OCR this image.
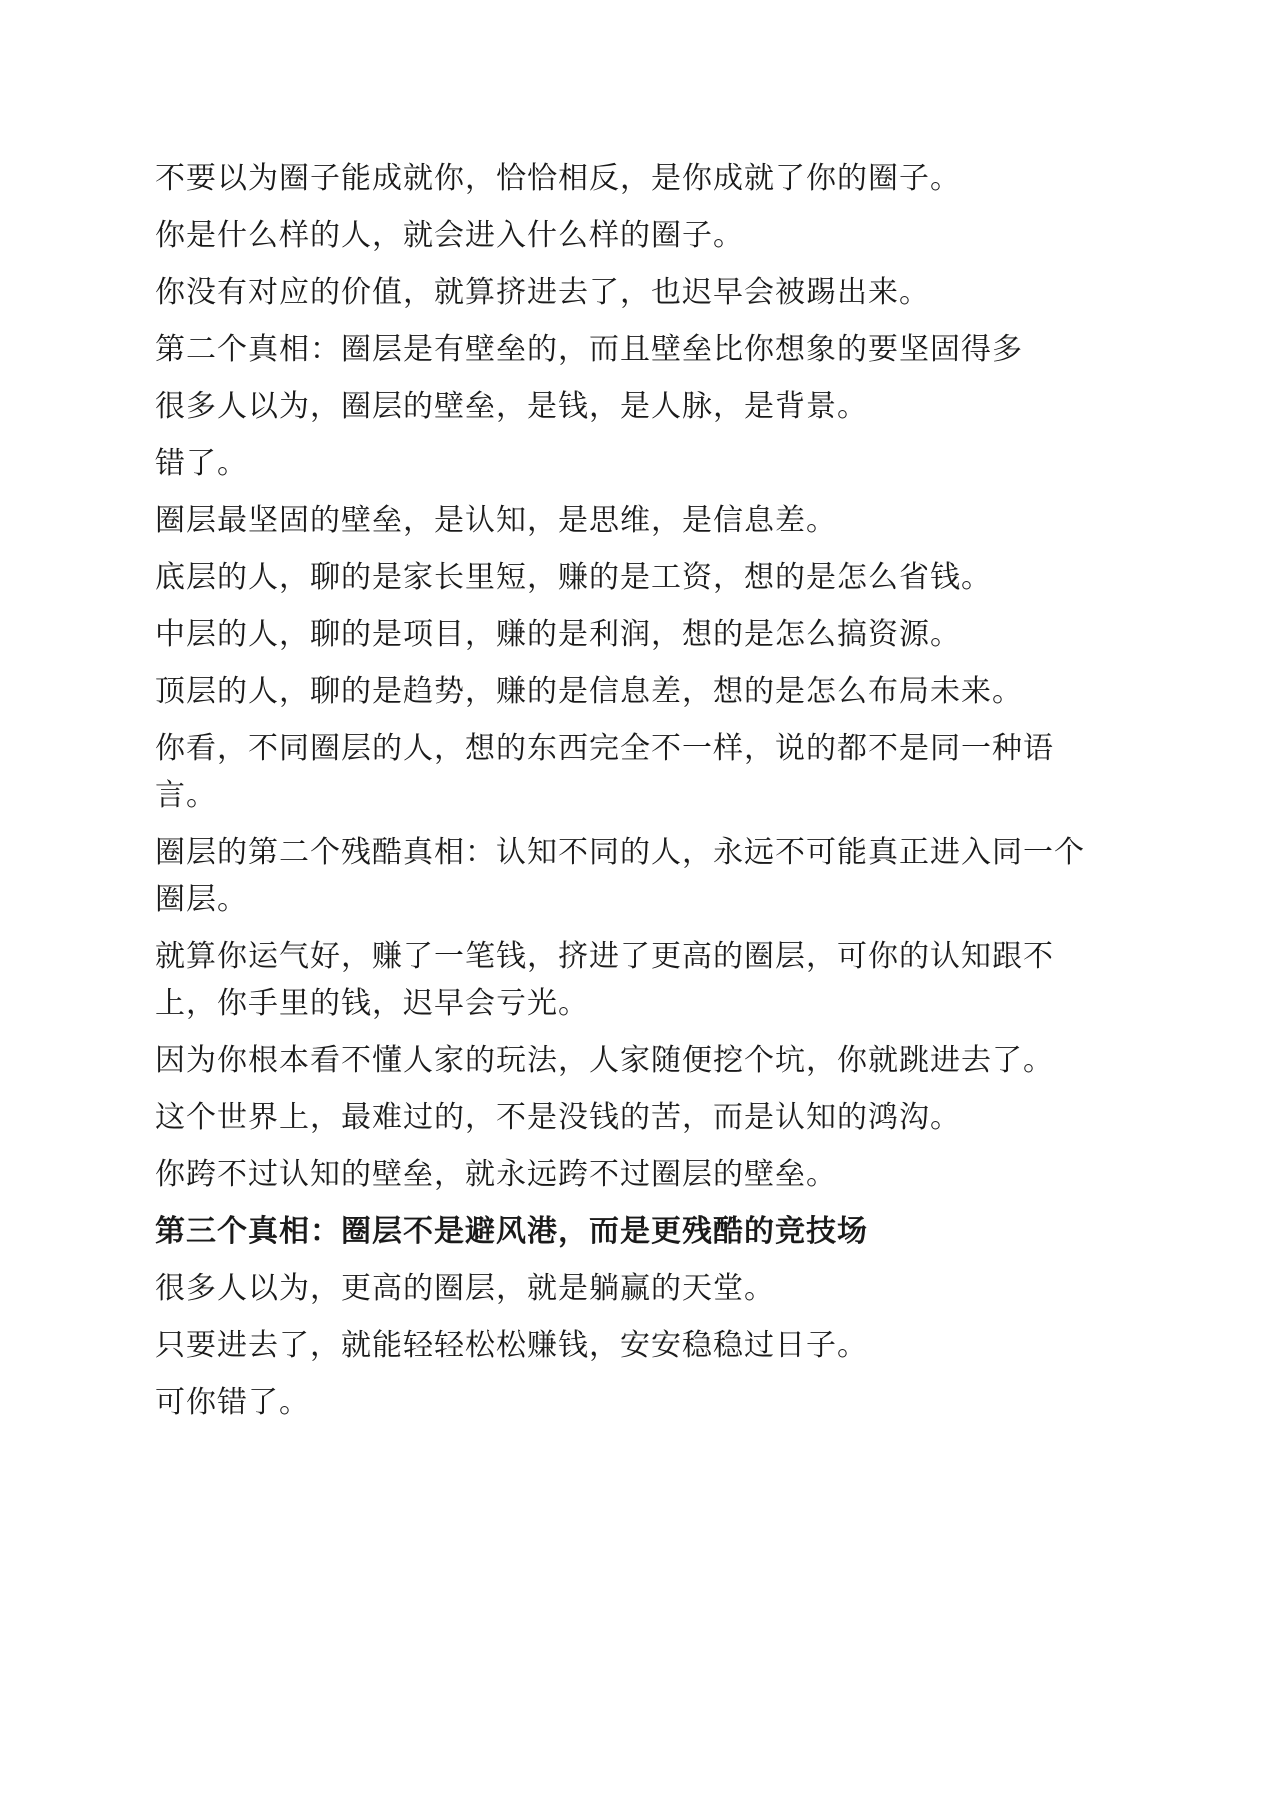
不要以为圈子能成就你，恰恰相反，是你成就了你的圈子。

你是什么样的人，就会进入什么样的圈子。

你没有对应的价值，就算挤进去了，也迟早会被踢出来。

第二个真相：圈层是有壁垒的，而且壁垒比你想象的要坚固得多

很多人以为，圈层的壁垒，是钱，是人脉，是背景。

错了。

圈层最坚固的壁垒，是认知，是思维，是信息差。

底层的人，聊的是家长里短，赚的是工资，想的是怎么省钱。

中层的人，聊的是项目，赚的是利润，想的是怎么搞资源。

顶层的人，聊的是趋势，赚的是信息差，想的是怎么布局未来。

你看，不同圈层的人，想的东西完全不一样，说的都不是同一种语言。

圈层的第二个残酷真相：认知不同的人，永远不可能真正进入同一个圈层。

就算你运气好，赚了一笔钱，挤进了更高的圈层，可你的认知跟不上，你手里的钱，迟早会亏光。

因为你根本看不懂人家的玩法，人家随便挖个坑，你就跳进去了。

这个世界上，最难过的，不是没钱的苦，而是认知的鸿沟。

你跨不过认知的壁垒，就永远跨不过圈层的壁垒。

第三个真相：圈层不是避风港，而是更残酷的竞技场

很多人以为，更高的圈层，就是躺赢的天堂。

只要进去了，就能轻轻松松赚钱，安安稳稳过日子。

可你错了。
